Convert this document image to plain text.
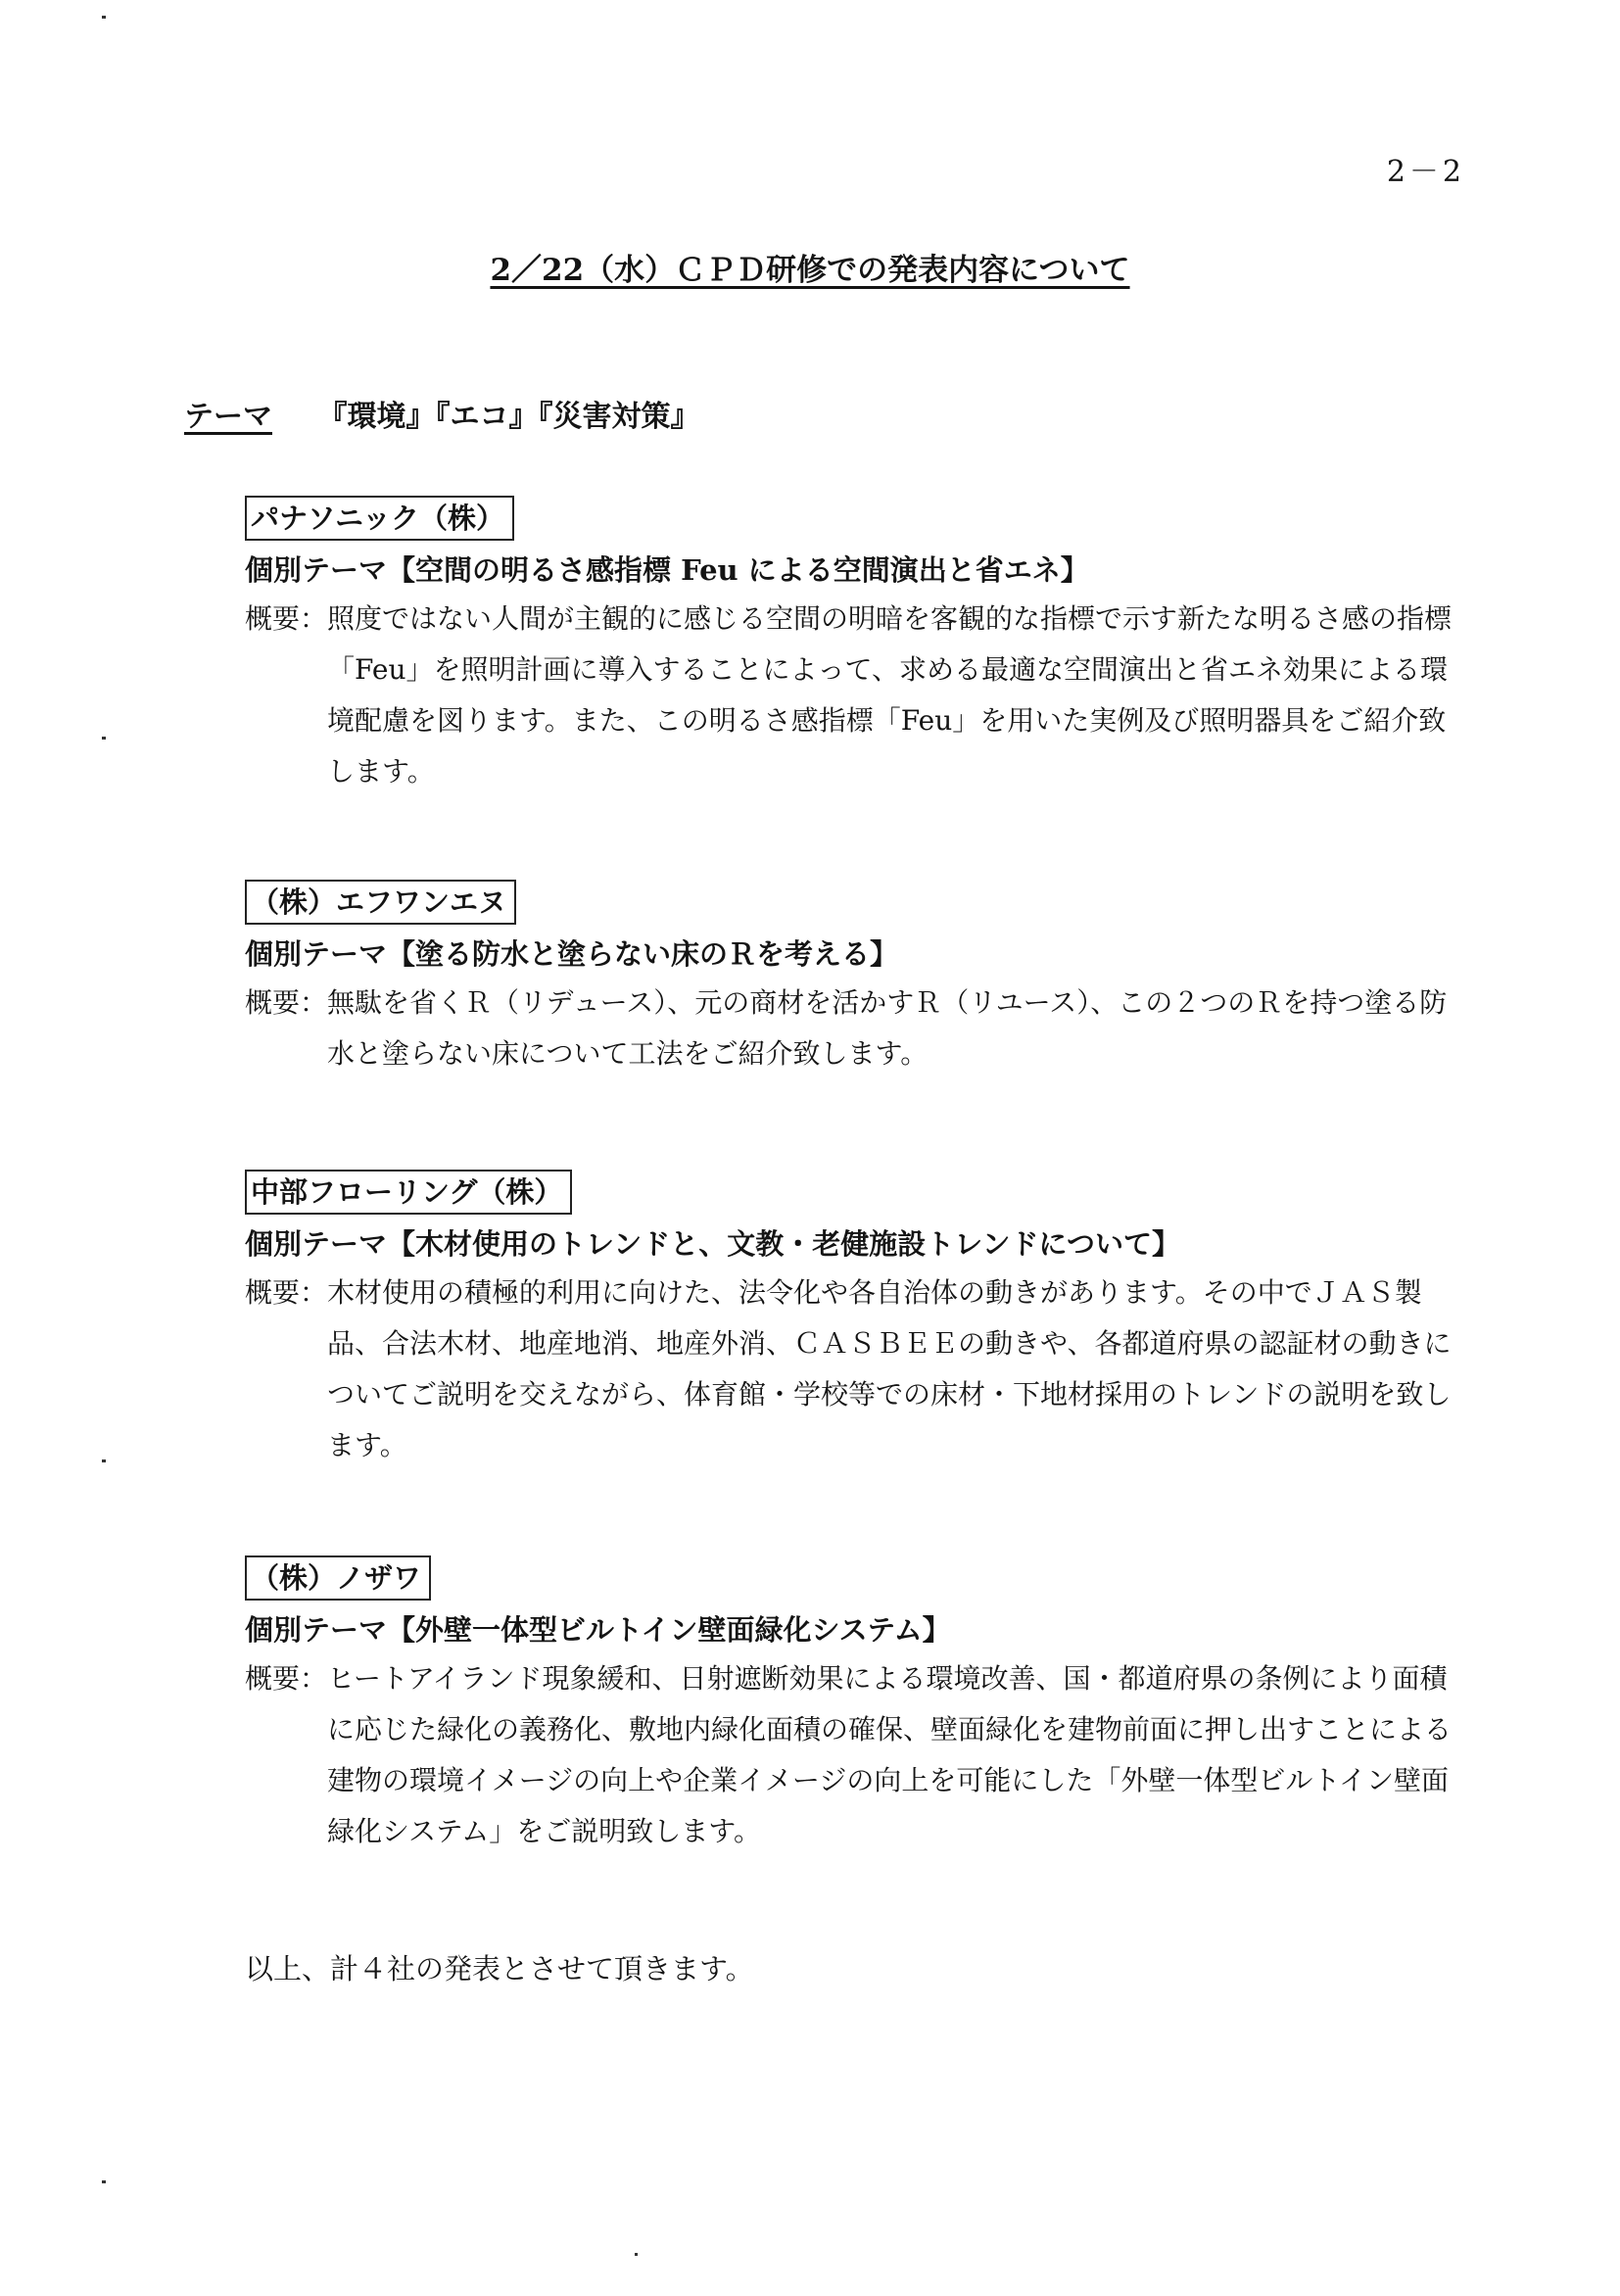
2－2
2／22（水）ＣＰＤ研修での発表内容について
テーマ 『環境』『エコ』『災害対策』
パナソニック（株）
個別テーマ【空間の明るさ感指標 Feu による空間演出と省エネ】
概要： 照度ではない人間が主観的に感じる空間の明暗を客観的な指標で示す新たな明るさ感の指標「Feu」を照明計画に導入することによって、求める最適な空間演出と省エネ効果による環境配慮を図ります。また、この明るさ感指標「Feu」を用いた実例及び照明器具をご紹介致します。
（株）エフワンエヌ
個別テーマ【塗る防水と塗らない床のＲを考える】
概要： 無駄を省くＲ（リデュース）、元の商材を活かすＲ（リユース）、この２つのＲを持つ塗る防水と塗らない床について工法をご紹介致します。
中部フローリング（株）
個別テーマ【木材使用のトレンドと、文教・老健施設トレンドについて】
概要： 木材使用の積極的利用に向けた、法令化や各自治体の動きがあります。その中でＪＡＳ製品、合法木材、地産地消、地産外消、ＣＡＳＢＥＥの動きや、各都道府県の認証材の動きについてご説明を交えながら、体育館・学校等での床材・下地材採用のトレンドの説明を致します。
（株）ノザワ
個別テーマ【外壁一体型ビルトイン壁面緑化システム】
概要： ヒートアイランド現象緩和、日射遮断効果による環境改善、国・都道府県の条例により面積に応じた緑化の義務化、敷地内緑化面積の確保、壁面緑化を建物前面に押し出すことによる建物の環境イメージの向上や企業イメージの向上を可能にした「外壁一体型ビルトイン壁面緑化システム」をご説明致します。
以上、計４社の発表とさせて頂きます。
